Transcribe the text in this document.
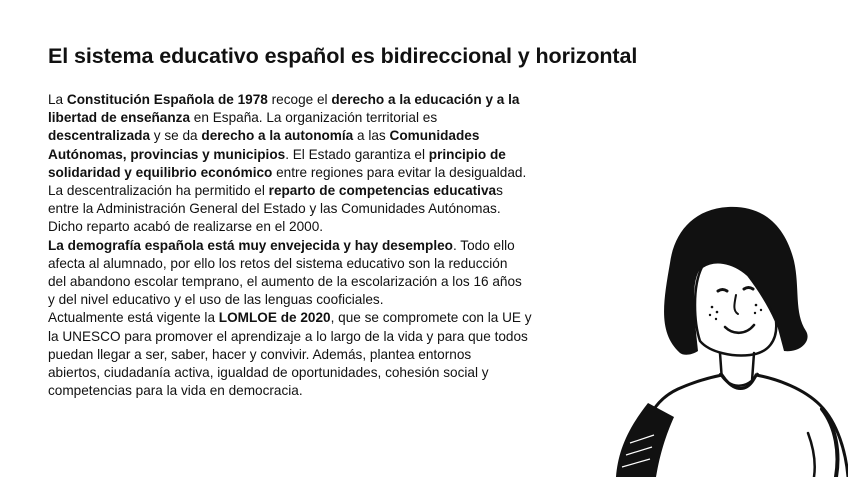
El sistema educativo español es bidireccional y horizontal
La Constitución Española de 1978 recoge el derecho a la educación y a la
libertad de enseñanza en España. La organización territorial es
descentralizada y se da derecho a la autonomía a las Comunidades
Autónomas, provincias y municipios. El Estado garantiza el principio de
solidaridad y equilibrio económico entre regiones para evitar la desigualdad.
La descentralización ha permitido el reparto de competencias educativas
entre la Administración General del Estado y las Comunidades Autónomas.
Dicho reparto acabó de realizarse en el 2000.
La demografía española está muy envejecida y hay desempleo. Todo ello
afecta al alumnado, por ello los retos del sistema educativo son la reducción
del abandono escolar temprano, el aumento de la escolarización a los 16 años
y del nivel educativo y el uso de las lenguas cooficiales.
Actualmente está vigente la LOMLOE de 2020, que se compromete con la UE y
la UNESCO para promover el aprendizaje a lo largo de la vida y para que todos
puedan llegar a ser, saber, hacer y convivir. Además, plantea entornos
abiertos, ciudadanía activa, igualdad de oportunidades, cohesión social y
competencias para la vida en democracia.
